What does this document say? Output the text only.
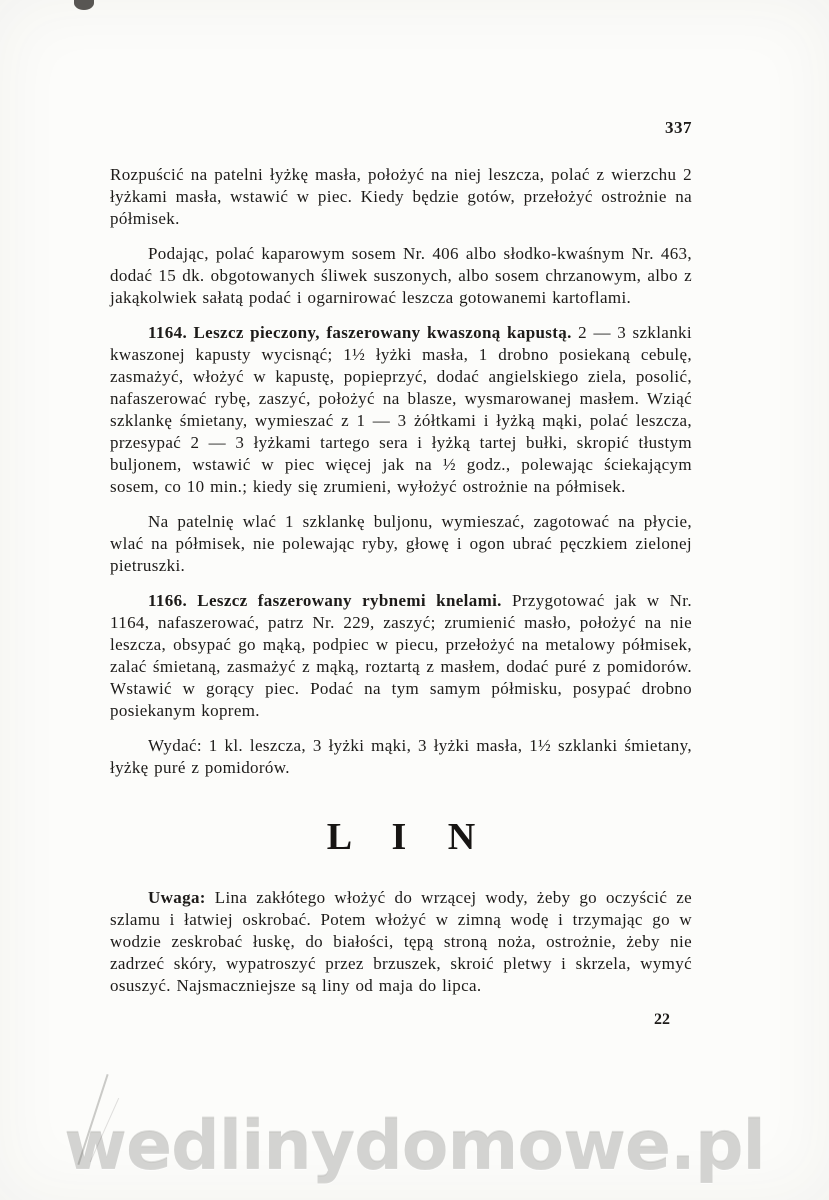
337

Rozpuścić na patelni łyżkę masła, położyć na niej leszcza, polać z wierzchu 2 łyżkami masła, wstawić w piec. Kiedy będzie gotów, przełożyć ostrożnie na półmisek.

Podając, polać kaparowym sosem Nr. 406 albo słodko-kwaśnym Nr. 463, dodać 15 dk. obgotowanych śliwek suszonych, albo sosem chrzanowym, albo z jakąkolwiek sałatą podać i ogarnirować leszcza gotowanemi kartoflami.

1164. Leszcz pieczony, faszerowany kwaszoną kapustą. 2 — 3 szklanki kwaszonej kapusty wycisnąć; 1½ łyżki masła, 1 drobno posiekaną cebulę, zasmażyć, włożyć w kapustę, popieprzyć, dodać angielskiego ziela, posolić, nafaszerować rybę, zaszyć, położyć na blasze, wysmarowanej masłem. Wziąć szklankę śmietany, wymieszać z 1 — 3 żółtkami i łyżką mąki, polać leszcza, przesypać 2 — 3 łyżkami tartego sera i łyżką tartej bułki, skropić tłustym buljonem, wstawić w piec więcej jak na ½ godz., polewając ściekającym sosem, co 10 min.; kiedy się zrumieni, wyłożyć ostrożnie na półmisek.

Na patelnię wlać 1 szklankę buljonu, wymieszać, zagotować na płycie, wlać na półmisek, nie polewając ryby, głowę i ogon ubrać pęczkiem zielonej pietruszki.

1166. Leszcz faszerowany rybnemi knelami. Przygotować jak w Nr. 1164, nafaszerować, patrz Nr. 229, zaszyć; zrumienić masło, położyć na nie leszcza, obsypać go mąką, podpiec w piecu, przełożyć na metalowy półmisek, zalać śmietaną, zasmażyć z mąką, roztartą z masłem, dodać puré z pomidorów. Wstawić w gorący piec. Podać na tym samym półmisku, posypać drobno posiekanym koprem.

Wydać: 1 kl. leszcza, 3 łyżki mąki, 3 łyżki masła, 1½ szklanki śmietany, łyżkę puré z pomidorów.

L I N

Uwaga: Lina zakłótego włożyć do wrzącej wody, żeby go oczyścić ze szlamu i łatwiej oskrobać. Potem włożyć w zimną wodę i trzymając go w wodzie zeskrobać łuskę, do białości, tępą stroną noża, ostrożnie, żeby nie zadrzeć skóry, wypatroszyć przez brzuszek, skroić pletwy i skrzela, wymyć osuszyć. Najsmaczniejsze są liny od maja do lipca.

22
wedlinydomowe.pl
